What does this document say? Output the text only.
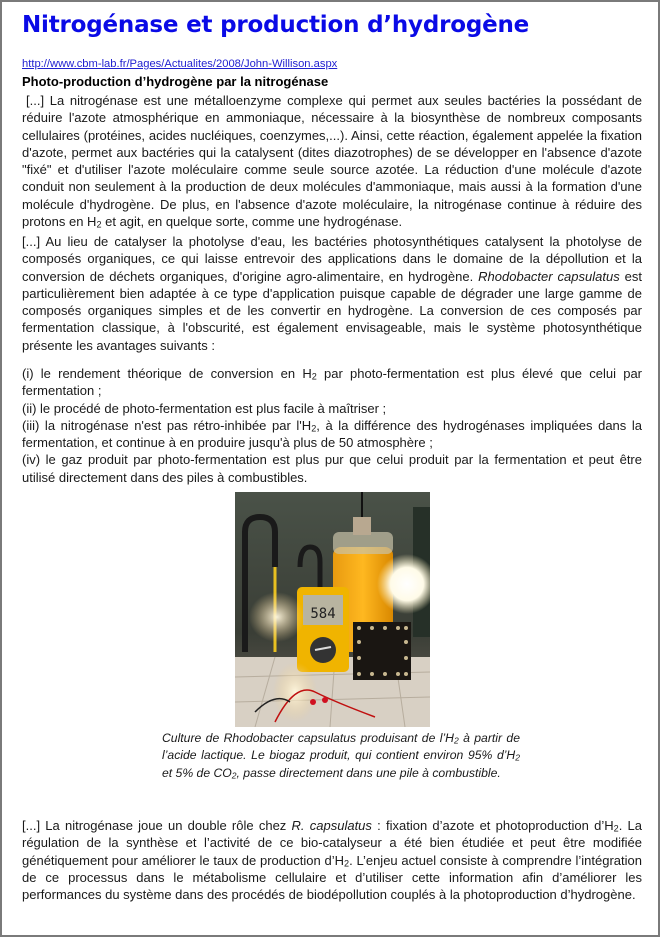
Nitrogénase et production d’hydrogène
http://www.cbm-lab.fr/Pages/Actualites/2008/John-Willison.aspx
Photo-production d’hydrogène par la nitrogénase
[...] La nitrogénase est une métalloenzyme complexe qui permet aux seules bactéries la possédant de réduire l'azote atmosphérique en ammoniaque, nécessaire à la biosynthèse de nombreux composants cellulaires (protéines, acides nucléiques, coenzymes,...). Ainsi, cette réaction, également appelée la fixation d'azote, permet aux bactéries qui la catalysent (dites diazotrophes) de se développer en l'absence d'azote "fixé" et d'utiliser l'azote moléculaire comme seule source azotée. La réduction d'une molécule d'azote conduit non seulement à la production de deux molécules d'ammoniaque, mais aussi à la formation d'une molécule d'hydrogène. De plus, en l'absence d'azote moléculaire, la nitrogénase continue à réduire des protons en $H_2$ et agit, en quelque sorte, comme une hydrogénase.
[...] Au lieu de catalyser la photolyse d'eau, les bactéries photosynthétiques catalysent la photolyse de composés organiques, ce qui laisse entrevoir des applications dans le domaine de la dépollution et la conversion de déchets organiques, d'origine agro-alimentaire, en hydrogène. Rhodobacter capsulatus est particulièrement bien adaptée à ce type d'application puisque capable de dégrader une large gamme de composés organiques simples et de les convertir en hydrogène. La conversion de ces composés par fermentation classique, à l'obscurité, est également envisageable, mais le système photosynthétique présente les avantages suivants :
(i) le rendement théorique de conversion en $H_2$ par photo-fermentation est plus élevé que celui par fermentation ;
(ii) le procédé de photo-fermentation est plus facile à maîtriser ;
(iii) la nitrogénase n'est pas rétro-inhibée par $l'H_2$, à la différence des hydrogénases impliquées dans la fermentation, et continue à en produire jusqu'à plus de 50 atmosphère ;
(iv) le gaz produit par photo-fermentation est plus pur que celui produit par la fermentation et peut être utilisé directement dans des piles à combustibles.
584
Culture de Rhodobacter capsulatus produisant de $l’H_2$ à partir de l’acide lactique. Le biogaz produit, qui contient environ 95% $d’H_2$ et 5% de $CO_2$, passe directement dans une pile à combustible.
[...] La nitrogénase joue un double rôle chez R. capsulatus : fixation d’azote et photoproduction $d’H_2$. La régulation de la synthèse et l’activité de ce bio-catalyseur a été bien étudiée et peut être modifiée génétiquement pour améliorer le taux de production $d’H_2$. L’enjeu actuel consiste à comprendre l’intégration de ce processus dans le métabolisme cellulaire et d’utiliser cette information afin d’améliorer les performances du système dans des procédés de biodépollution couplés à la photoproduction d’hydrogène.
